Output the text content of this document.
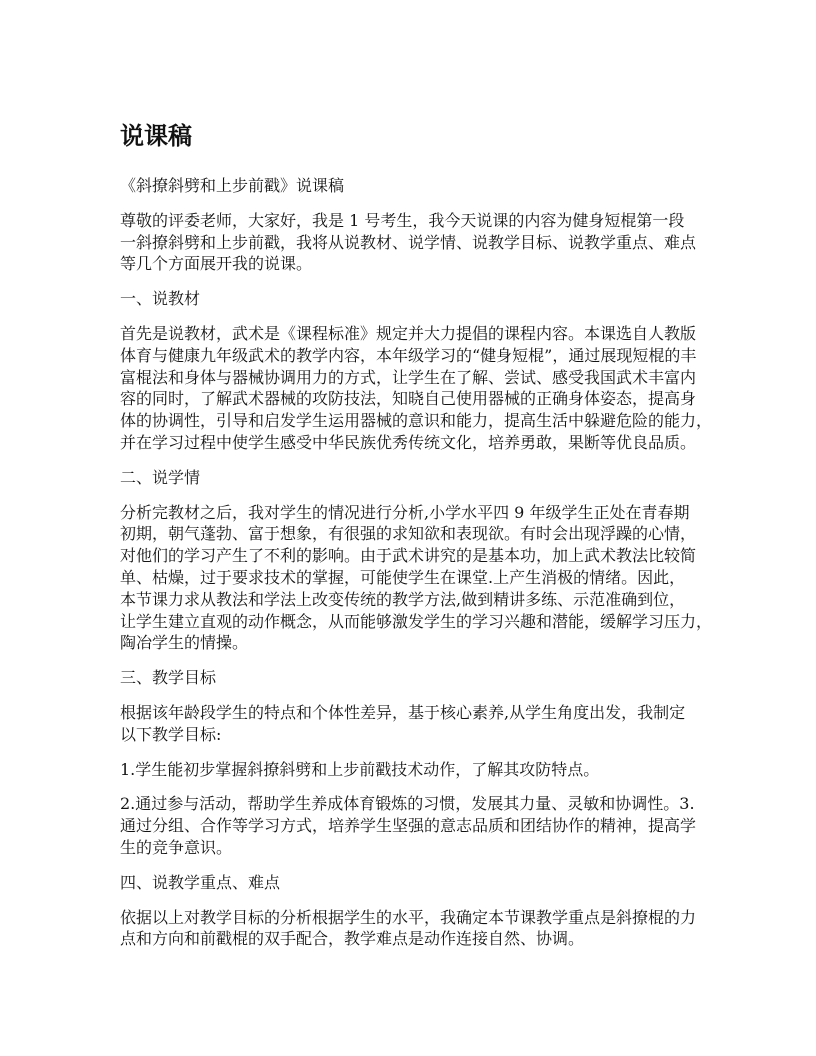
说课稿
《斜撩斜劈和上步前戳》说课稿
尊敬的评委老师，大家好，我是 1 号考生，我今天说课的内容为健身短棍第一段
一斜撩斜劈和上步前戳，我将从说教材、说学情、说教学目标、说教学重点、难点
等几个方面展开我的说课。
一、说教材
首先是说教材，武术是《课程标准》规定并大力提倡的课程内容。本课选自人教版
体育与健康九年级武术的教学内容，本年级学习的“健身短棍”，通过展现短棍的丰
富棍法和身体与器械协调用力的方式，让学生在了解、尝试、感受我国武术丰富内
容的同时，了解武术器械的攻防技法，知晓自己使用器械的正确身体姿态，提高身
体的协调性，引导和启发学生运用器械的意识和能力，提高生活中躲避危险的能力，
并在学习过程中使学生感受中华民族优秀传统文化，培养勇敢，果断等优良品质。
二、说学情
分析完教材之后，我对学生的情况进行分析,小学水平四 9 年级学生正处在青春期
初期，朝气蓬勃、富于想象，有很强的求知欲和表现欲。有时会出现浮躁的心情，
对他们的学习产生了不利的影响。由于武术讲究的是基本功，加上武术教法比较简
单、枯燥，过于要求技术的掌握，可能使学生在课堂.上产生消极的情绪。因此，
本节课力求从教法和学法上改变传统的教学方法,做到精讲多练、示范准确到位，
让学生建立直观的动作概念，从而能够激发学生的学习兴趣和潜能，缓解学习压力，
陶冶学生的情操。
三、教学目标
根据该年龄段学生的特点和个体性差异，基于核心素养,从学生角度出发，我制定
以下教学目标:
1.学生能初步掌握斜撩斜劈和上步前戳技术动作，了解其攻防特点。
2.通过参与活动，帮助学生养成体育锻炼的习惯，发展其力量、灵敏和协调性。3.
通过分组、合作等学习方式，培养学生坚强的意志品质和团结协作的精神，提高学
生的竞争意识。
四、说教学重点、难点
依据以上对教学目标的分析根据学生的水平，我确定本节课教学重点是斜撩棍的力
点和方向和前戳棍的双手配合，教学难点是动作连接自然、协调。
